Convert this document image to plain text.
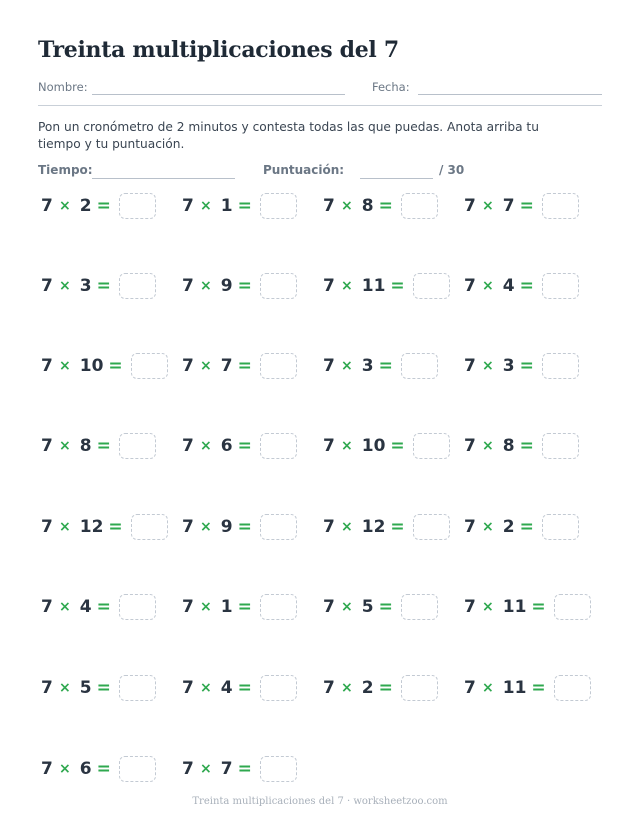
Treinta multiplicaciones del 7
Nombre:	Fecha:
Pon un cronómetro de 2 minutos y contesta todas las que puedas. Anota arriba tu tiempo y tu puntuación.
Tiempo:	Puntuación:	/ 30
7 × 2 =	7 × 1 =	7 × 8 =	7 × 7 =
7 × 3 =	7 × 9 =	7 × 11 =	7 × 4 =
7 × 10 =	7 × 7 =	7 × 3 =	7 × 3 =
7 × 8 =	7 × 6 =	7 × 10 =	7 × 8 =
7 × 12 =	7 × 9 =	7 × 12 =	7 × 2 =
7 × 4 =	7 × 1 =	7 × 5 =	7 × 11 =
7 × 5 =	7 × 4 =	7 × 2 =	7 × 11 =
7 × 6 =	7 × 7 =
Treinta multiplicaciones del 7 · worksheetzoo.com
